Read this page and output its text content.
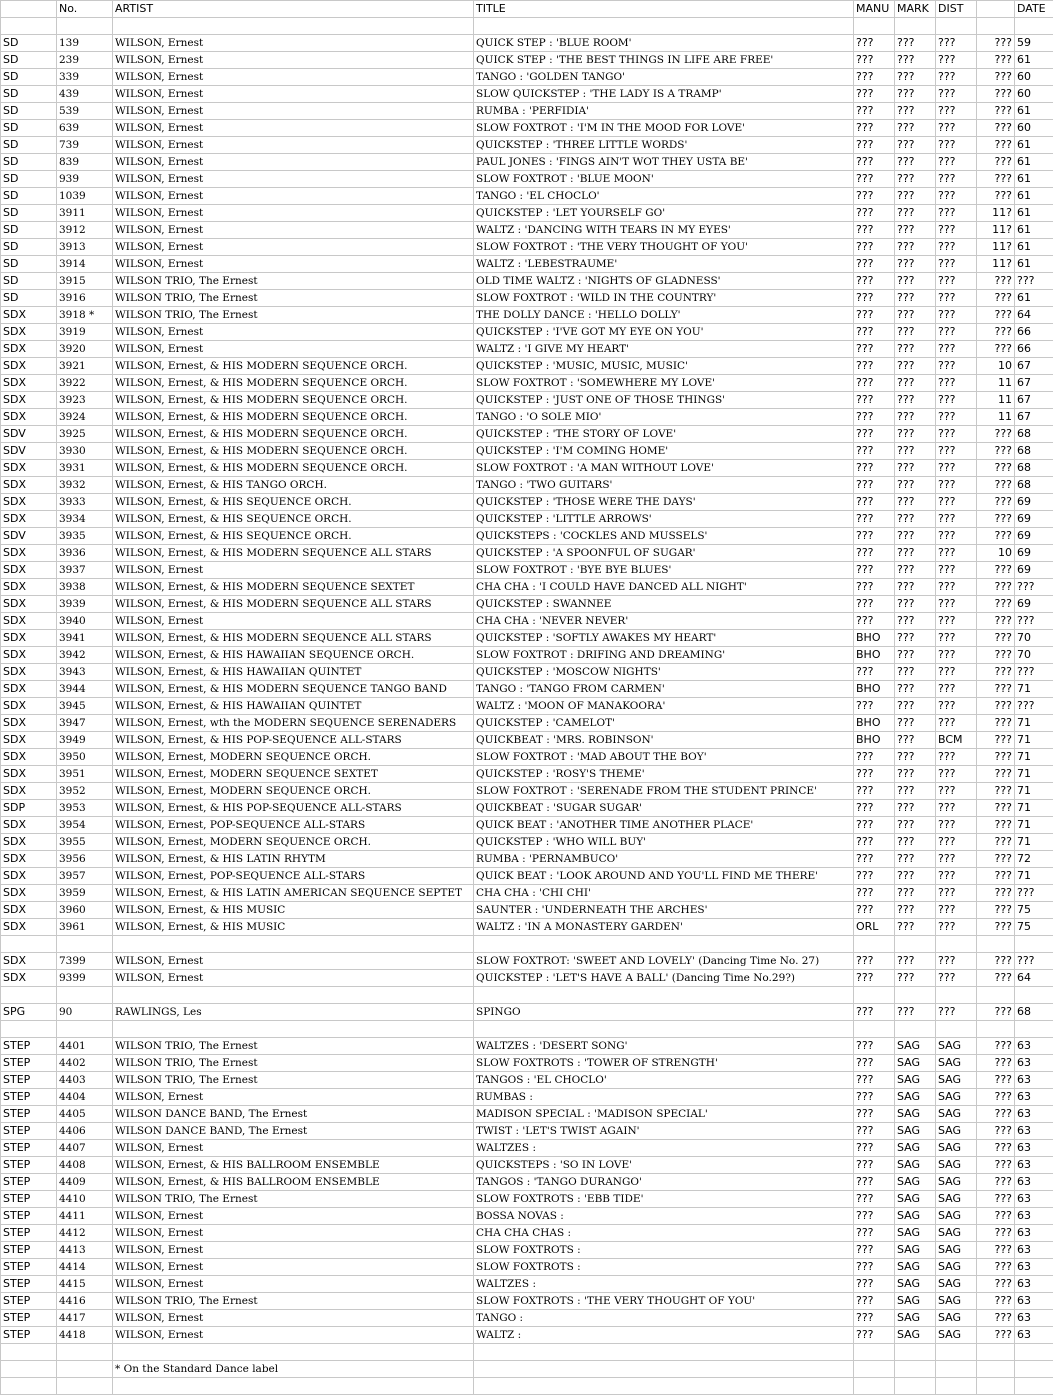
	No.	ARTIST	TITLE	MANU	MARK	DIST		DATE

SD	139	WILSON, Ernest	QUICK STEP : 'BLUE ROOM'	???	???	???	???	59
SD	239	WILSON, Ernest	QUICK STEP : 'THE BEST THINGS IN LIFE ARE FREE'	???	???	???	???	61
SD	339	WILSON, Ernest	TANGO : 'GOLDEN TANGO'	???	???	???	???	60
SD	439	WILSON, Ernest	SLOW QUICKSTEP : 'THE LADY IS A TRAMP'	???	???	???	???	60
SD	539	WILSON, Ernest	RUMBA : 'PERFIDIA'	???	???	???	???	61
SD	639	WILSON, Ernest	SLOW FOXTROT : 'I'M IN THE MOOD FOR LOVE'	???	???	???	???	60
SD	739	WILSON, Ernest	QUICKSTEP : 'THREE LITTLE WORDS'	???	???	???	???	61
SD	839	WILSON, Ernest	PAUL JONES : 'FINGS AIN'T WOT THEY USTA BE'	???	???	???	???	61
SD	939	WILSON, Ernest	SLOW FOXTROT : 'BLUE MOON'	???	???	???	???	61
SD	1039	WILSON, Ernest	TANGO : 'EL CHOCLO'	???	???	???	???	61
SD	3911	WILSON, Ernest	QUICKSTEP : 'LET YOURSELF GO'	???	???	???	11?	61
SD	3912	WILSON, Ernest	WALTZ : 'DANCING WITH TEARS IN MY EYES'	???	???	???	11?	61
SD	3913	WILSON, Ernest	SLOW FOXTROT : 'THE VERY THOUGHT OF YOU'	???	???	???	11?	61
SD	3914	WILSON, Ernest	WALTZ : 'LEBESTRAUME'	???	???	???	11?	61
SD	3915	WILSON TRIO, The Ernest	OLD TIME WALTZ : 'NIGHTS OF GLADNESS'	???	???	???	???	???
SD	3916	WILSON TRIO, The Ernest	SLOW FOXTROT : 'WILD IN THE COUNTRY'	???	???	???	???	61
SDX	3918 *	WILSON TRIO, The Ernest	THE DOLLY DANCE : 'HELLO DOLLY'	???	???	???	???	64
SDX	3919	WILSON, Ernest	QUICKSTEP : 'I'VE GOT MY EYE ON YOU'	???	???	???	???	66
SDX	3920	WILSON, Ernest	WALTZ : 'I GIVE MY HEART'	???	???	???	???	66
SDX	3921	WILSON, Ernest, & HIS MODERN SEQUENCE ORCH.	QUICKSTEP : 'MUSIC, MUSIC, MUSIC'	???	???	???	10	67
SDX	3922	WILSON, Ernest, & HIS MODERN SEQUENCE ORCH.	SLOW FOXTROT : 'SOMEWHERE MY LOVE'	???	???	???	11	67
SDX	3923	WILSON, Ernest, & HIS MODERN SEQUENCE ORCH.	QUICKSTEP : 'JUST ONE OF THOSE THINGS'	???	???	???	11	67
SDX	3924	WILSON, Ernest, & HIS MODERN SEQUENCE ORCH.	TANGO : 'O SOLE MIO'	???	???	???	11	67
SDV	3925	WILSON, Ernest, & HIS MODERN SEQUENCE ORCH.	QUICKSTEP : 'THE STORY OF LOVE'	???	???	???	???	68
SDV	3930	WILSON, Ernest, & HIS MODERN SEQUENCE ORCH.	QUICKSTEP : 'I'M COMING HOME'	???	???	???	???	68
SDX	3931	WILSON, Ernest, & HIS MODERN SEQUENCE ORCH.	SLOW FOXTROT : 'A MAN WITHOUT LOVE'	???	???	???	???	68
SDX	3932	WILSON, Ernest, & HIS TANGO ORCH.	TANGO : 'TWO GUITARS'	???	???	???	???	68
SDX	3933	WILSON, Ernest, & HIS SEQUENCE ORCH.	QUICKSTEP : 'THOSE WERE THE DAYS'	???	???	???	???	69
SDX	3934	WILSON, Ernest, & HIS SEQUENCE ORCH.	QUICKSTEP : 'LITTLE ARROWS'	???	???	???	???	69
SDV	3935	WILSON, Ernest, & HIS SEQUENCE ORCH.	QUICKSTEPS : 'COCKLES AND MUSSELS'	???	???	???	???	69
SDX	3936	WILSON, Ernest, & HIS MODERN SEQUENCE ALL STARS	QUICKSTEP : 'A SPOONFUL OF SUGAR'	???	???	???	10	69
SDX	3937	WILSON, Ernest	SLOW FOXTROT : 'BYE BYE BLUES'	???	???	???	???	69
SDX	3938	WILSON, Ernest, & HIS MODERN SEQUENCE SEXTET	CHA CHA : 'I COULD HAVE DANCED ALL NIGHT'	???	???	???	???	???
SDX	3939	WILSON, Ernest, & HIS MODERN SEQUENCE ALL STARS	QUICKSTEP : SWANNEE	???	???	???	???	69
SDX	3940	WILSON, Ernest	CHA CHA : 'NEVER NEVER'	???	???	???	???	???
SDX	3941	WILSON, Ernest, & HIS MODERN SEQUENCE ALL STARS	QUICKSTEP : 'SOFTLY AWAKES MY HEART'	BHO	???	???	???	70
SDX	3942	WILSON, Ernest, & HIS HAWAIIAN SEQUENCE ORCH.	SLOW FOXTROT : DRIFING AND DREAMING'	BHO	???	???	???	70
SDX	3943	WILSON, Ernest, & HIS HAWAIIAN QUINTET	QUICKSTEP : 'MOSCOW NIGHTS'	???	???	???	???	???
SDX	3944	WILSON, Ernest, & HIS MODERN SEQUENCE TANGO BAND	TANGO : 'TANGO FROM CARMEN'	BHO	???	???	???	71
SDX	3945	WILSON, Ernest, & HIS HAWAIIAN QUINTET	WALTZ : 'MOON OF MANAKOORA'	???	???	???	???	???
SDX	3947	WILSON, Ernest, wth the MODERN SEQUENCE SERENADERS	QUICKSTEP : 'CAMELOT'	BHO	???	???	???	71
SDX	3949	WILSON, Ernest, & HIS POP-SEQUENCE ALL-STARS	QUICKBEAT : 'MRS. ROBINSON'	BHO	???	BCM	???	71
SDX	3950	WILSON, Ernest, MODERN SEQUENCE ORCH.	SLOW FOXTROT : 'MAD ABOUT THE BOY'	???	???	???	???	71
SDX	3951	WILSON, Ernest, MODERN SEQUENCE SEXTET	QUICKSTEP : 'ROSY'S THEME'	???	???	???	???	71
SDX	3952	WILSON, Ernest, MODERN SEQUENCE ORCH.	SLOW FOXTROT : 'SERENADE FROM THE STUDENT PRINCE'	???	???	???	???	71
SDP	3953	WILSON, Ernest, & HIS POP-SEQUENCE ALL-STARS	QUICKBEAT : 'SUGAR SUGAR'	???	???	???	???	71
SDX	3954	WILSON, Ernest, POP-SEQUENCE ALL-STARS	QUICK BEAT : 'ANOTHER TIME ANOTHER PLACE'	???	???	???	???	71
SDX	3955	WILSON, Ernest, MODERN SEQUENCE ORCH.	QUICKSTEP : 'WHO WILL BUY'	???	???	???	???	71
SDX	3956	WILSON, Ernest, & HIS LATIN RHYTM	RUMBA : 'PERNAMBUCO'	???	???	???	???	72
SDX	3957	WILSON, Ernest, POP-SEQUENCE ALL-STARS	QUICK BEAT : 'LOOK AROUND AND YOU'LL FIND ME THERE'	???	???	???	???	71
SDX	3959	WILSON, Ernest, & HIS LATIN AMERICAN SEQUENCE SEPTET	CHA CHA : 'CHI CHI'	???	???	???	???	???
SDX	3960	WILSON, Ernest, & HIS MUSIC	SAUNTER : 'UNDERNEATH THE ARCHES'	???	???	???	???	75
SDX	3961	WILSON, Ernest, & HIS MUSIC	WALTZ : 'IN A MONASTERY GARDEN'	ORL	???	???	???	75

SDX	7399	WILSON, Ernest	SLOW FOXTROT: 'SWEET AND LOVELY' (Dancing Time No. 27)	???	???	???	???	???
SDX	9399	WILSON, Ernest	QUICKSTEP : 'LET'S HAVE A BALL' (Dancing Time No.29?)	???	???	???	???	64

SPG	90	RAWLINGS, Les	SPINGO	???	???	???	???	68

STEP	4401	WILSON TRIO, The Ernest	WALTZES : 'DESERT SONG'	???	SAG	SAG	???	63
STEP	4402	WILSON TRIO, The Ernest	SLOW FOXTROTS : 'TOWER OF STRENGTH'	???	SAG	SAG	???	63
STEP	4403	WILSON TRIO, The Ernest	TANGOS : 'EL CHOCLO'	???	SAG	SAG	???	63
STEP	4404	WILSON, Ernest	RUMBAS :	???	SAG	SAG	???	63
STEP	4405	WILSON DANCE BAND, The Ernest	MADISON SPECIAL : 'MADISON SPECIAL'	???	SAG	SAG	???	63
STEP	4406	WILSON DANCE BAND, The Ernest	TWIST : 'LET'S TWIST AGAIN'	???	SAG	SAG	???	63
STEP	4407	WILSON, Ernest	WALTZES :	???	SAG	SAG	???	63
STEP	4408	WILSON, Ernest, & HIS BALLROOM ENSEMBLE	QUICKSTEPS : 'SO IN LOVE'	???	SAG	SAG	???	63
STEP	4409	WILSON, Ernest, & HIS BALLROOM ENSEMBLE	TANGOS : 'TANGO DURANGO'	???	SAG	SAG	???	63
STEP	4410	WILSON TRIO, The Ernest	SLOW FOXTROTS : 'EBB TIDE'	???	SAG	SAG	???	63
STEP	4411	WILSON, Ernest	BOSSA NOVAS :	???	SAG	SAG	???	63
STEP	4412	WILSON, Ernest	CHA CHA CHAS :	???	SAG	SAG	???	63
STEP	4413	WILSON, Ernest	SLOW FOXTROTS :	???	SAG	SAG	???	63
STEP	4414	WILSON, Ernest	SLOW FOXTROTS :	???	SAG	SAG	???	63
STEP	4415	WILSON, Ernest	WALTZES :	???	SAG	SAG	???	63
STEP	4416	WILSON TRIO, The Ernest	SLOW FOXTROTS : 'THE VERY THOUGHT OF YOU'	???	SAG	SAG	???	63
STEP	4417	WILSON, Ernest	TANGO :	???	SAG	SAG	???	63
STEP	4418	WILSON, Ernest	WALTZ :	???	SAG	SAG	???	63

		* On the Standard Dance label						
